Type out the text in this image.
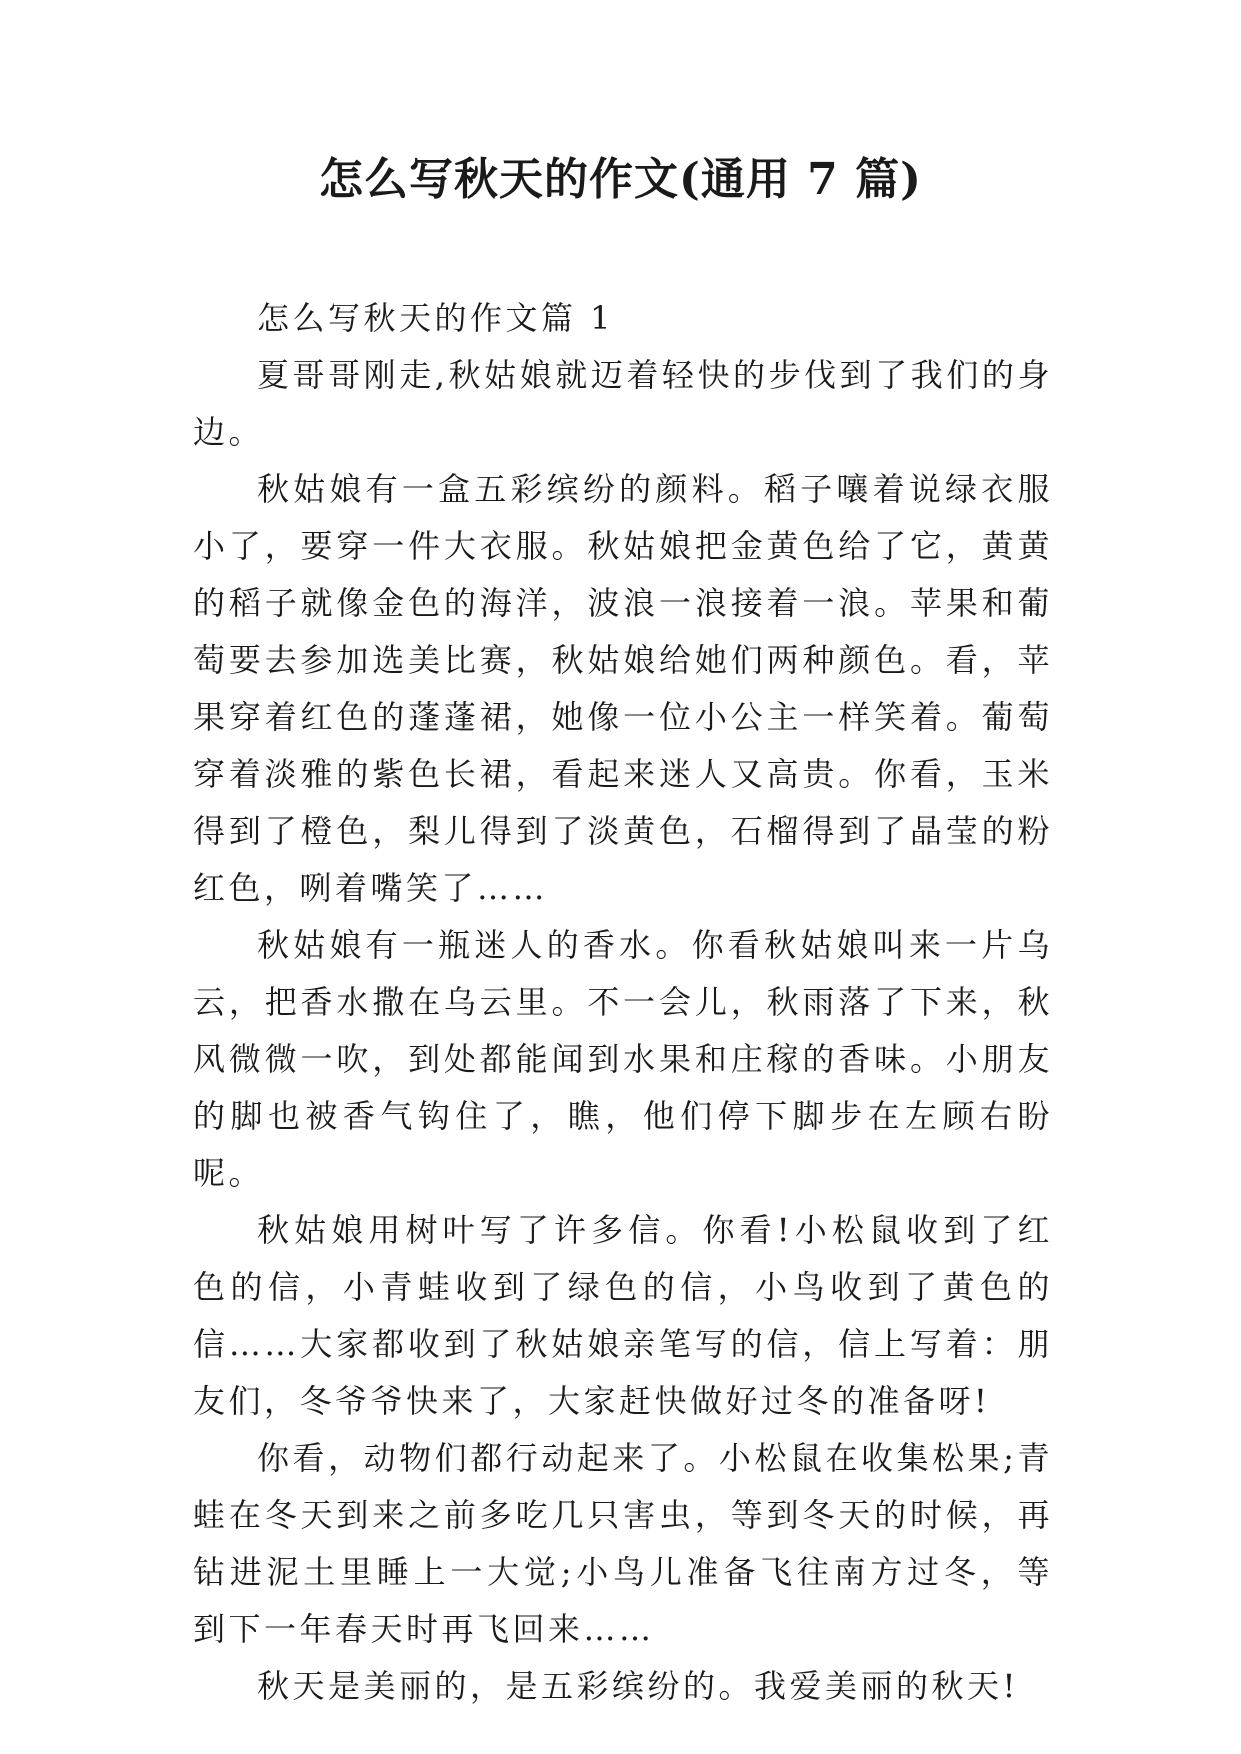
怎么写秋天的作文(通用 7 篇)

怎么写秋天的作文篇 1

夏哥哥刚走,秋姑娘就迈着轻快的步伐到了我们的身边。

秋姑娘有一盒五彩缤纷的颜料。稻子嚷着说绿衣服小了，要穿一件大衣服。秋姑娘把金黄色给了它，黄黄的稻子就像金色的海洋，波浪一浪接着一浪。苹果和葡萄要去参加选美比赛，秋姑娘给她们两种颜色。看，苹果穿着红色的蓬蓬裙，她像一位小公主一样笑着。葡萄穿着淡雅的紫色长裙，看起来迷人又高贵。你看，玉米得到了橙色，梨儿得到了淡黄色，石榴得到了晶莹的粉红色，咧着嘴笑了……

秋姑娘有一瓶迷人的香水。你看秋姑娘叫来一片乌云，把香水撒在乌云里。不一会儿，秋雨落了下来，秋风微微一吹，到处都能闻到水果和庄稼的香味。小朋友的脚也被香气钩住了，瞧，他们停下脚步在左顾右盼呢。

秋姑娘用树叶写了许多信。你看!小松鼠收到了红色的信，小青蛙收到了绿色的信，小鸟收到了黄色的信……大家都收到了秋姑娘亲笔写的信，信上写着：朋友们，冬爷爷快来了，大家赶快做好过冬的准备呀!

你看，动物们都行动起来了。小松鼠在收集松果;青蛙在冬天到来之前多吃几只害虫，等到冬天的时候，再钻进泥土里睡上一大觉;小鸟儿准备飞往南方过冬，等到下一年春天时再飞回来……

秋天是美丽的，是五彩缤纷的。我爱美丽的秋天!
